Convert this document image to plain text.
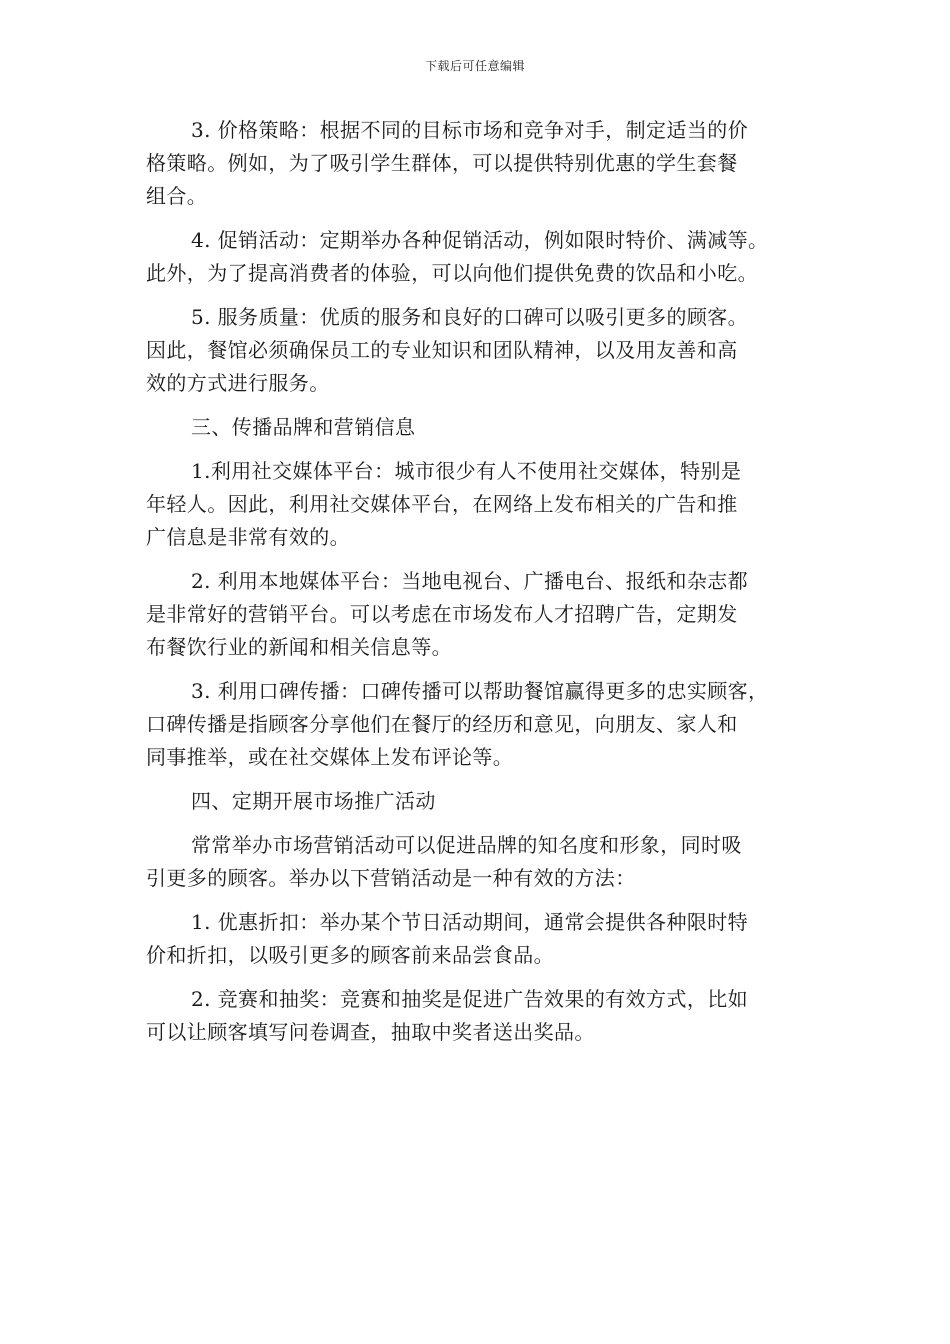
下载后可任意编辑
3. 价格策略：根据不同的目标市场和竞争对手，制定适当的价
格策略。例如，为了吸引学生群体，可以提供特别优惠的学生套餐
组合。
4. 促销活动：定期举办各种促销活动，例如限时特价、满减等。
此外，为了提高消费者的体验，可以向他们提供免费的饮品和小吃。
5. 服务质量：优质的服务和良好的口碑可以吸引更多的顾客。
因此，餐馆必须确保员工的专业知识和团队精神，以及用友善和高
效的方式进行服务。
三、传播品牌和营销信息
1.利用社交媒体平台：城市很少有人不使用社交媒体，特别是
年轻人。因此，利用社交媒体平台，在网络上发布相关的广告和推
广信息是非常有效的。
2. 利用本地媒体平台：当地电视台、广播电台、报纸和杂志都
是非常好的营销平台。可以考虑在市场发布人才招聘广告，定期发
布餐饮行业的新闻和相关信息等。
3. 利用口碑传播：口碑传播可以帮助餐馆赢得更多的忠实顾客，
口碑传播是指顾客分享他们在餐厅的经历和意见，向朋友、家人和
同事推举，或在社交媒体上发布评论等。
四、定期开展市场推广活动
常常举办市场营销活动可以促进品牌的知名度和形象，同时吸
引更多的顾客。举办以下营销活动是一种有效的方法：
1. 优惠折扣：举办某个节日活动期间，通常会提供各种限时特
价和折扣，以吸引更多的顾客前来品尝食品。
2. 竞赛和抽奖：竞赛和抽奖是促进广告效果的有效方式，比如
可以让顾客填写问卷调查，抽取中奖者送出奖品。
